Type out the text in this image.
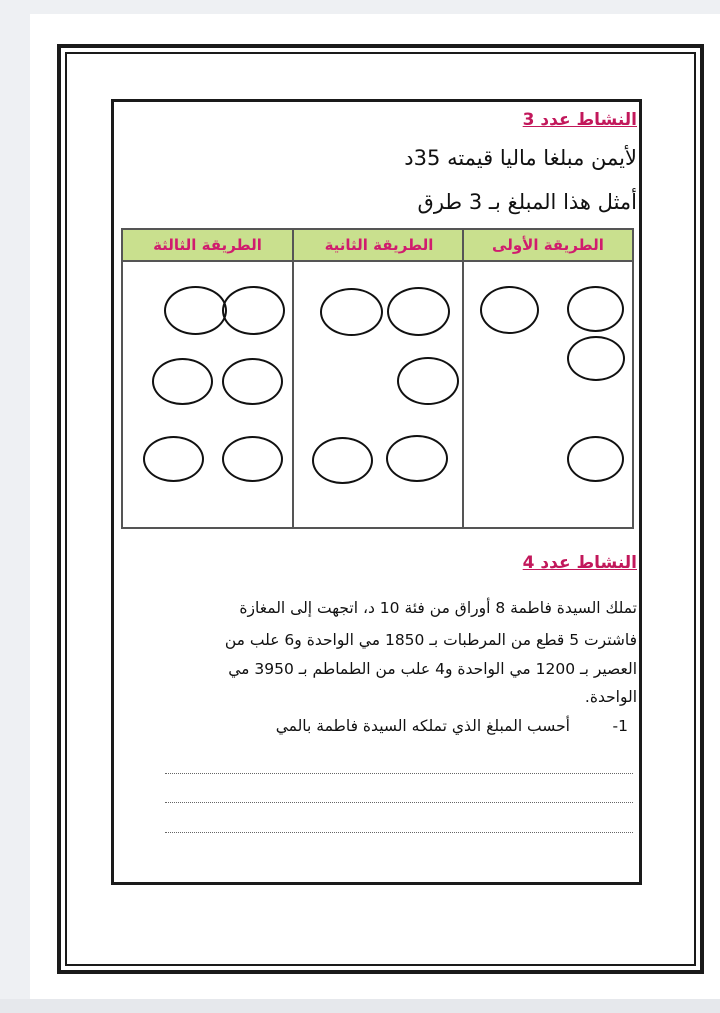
النشاط عدد 3
لأيمن مبلغا ماليا قيمته 35د
أمثل هذا المبلغ بـ 3 طرق
الطريقة الأولى
الطريقة الثانية
الطريقة الثالثة
النشاط عدد 4
تملك السيدة فاطمة 8 أوراق من فئة 10 د، اتجهت إلى المغازة
فاشترت 5 قطع من المرطبات بـ 1850 مي الواحدة و6 علب من
العصير بـ 1200 مي الواحدة و4 علب من الطماطم بـ 3950 مي
الواحدة.
-1
أحسب المبلغ الذي تملكه السيدة فاطمة بالمي
